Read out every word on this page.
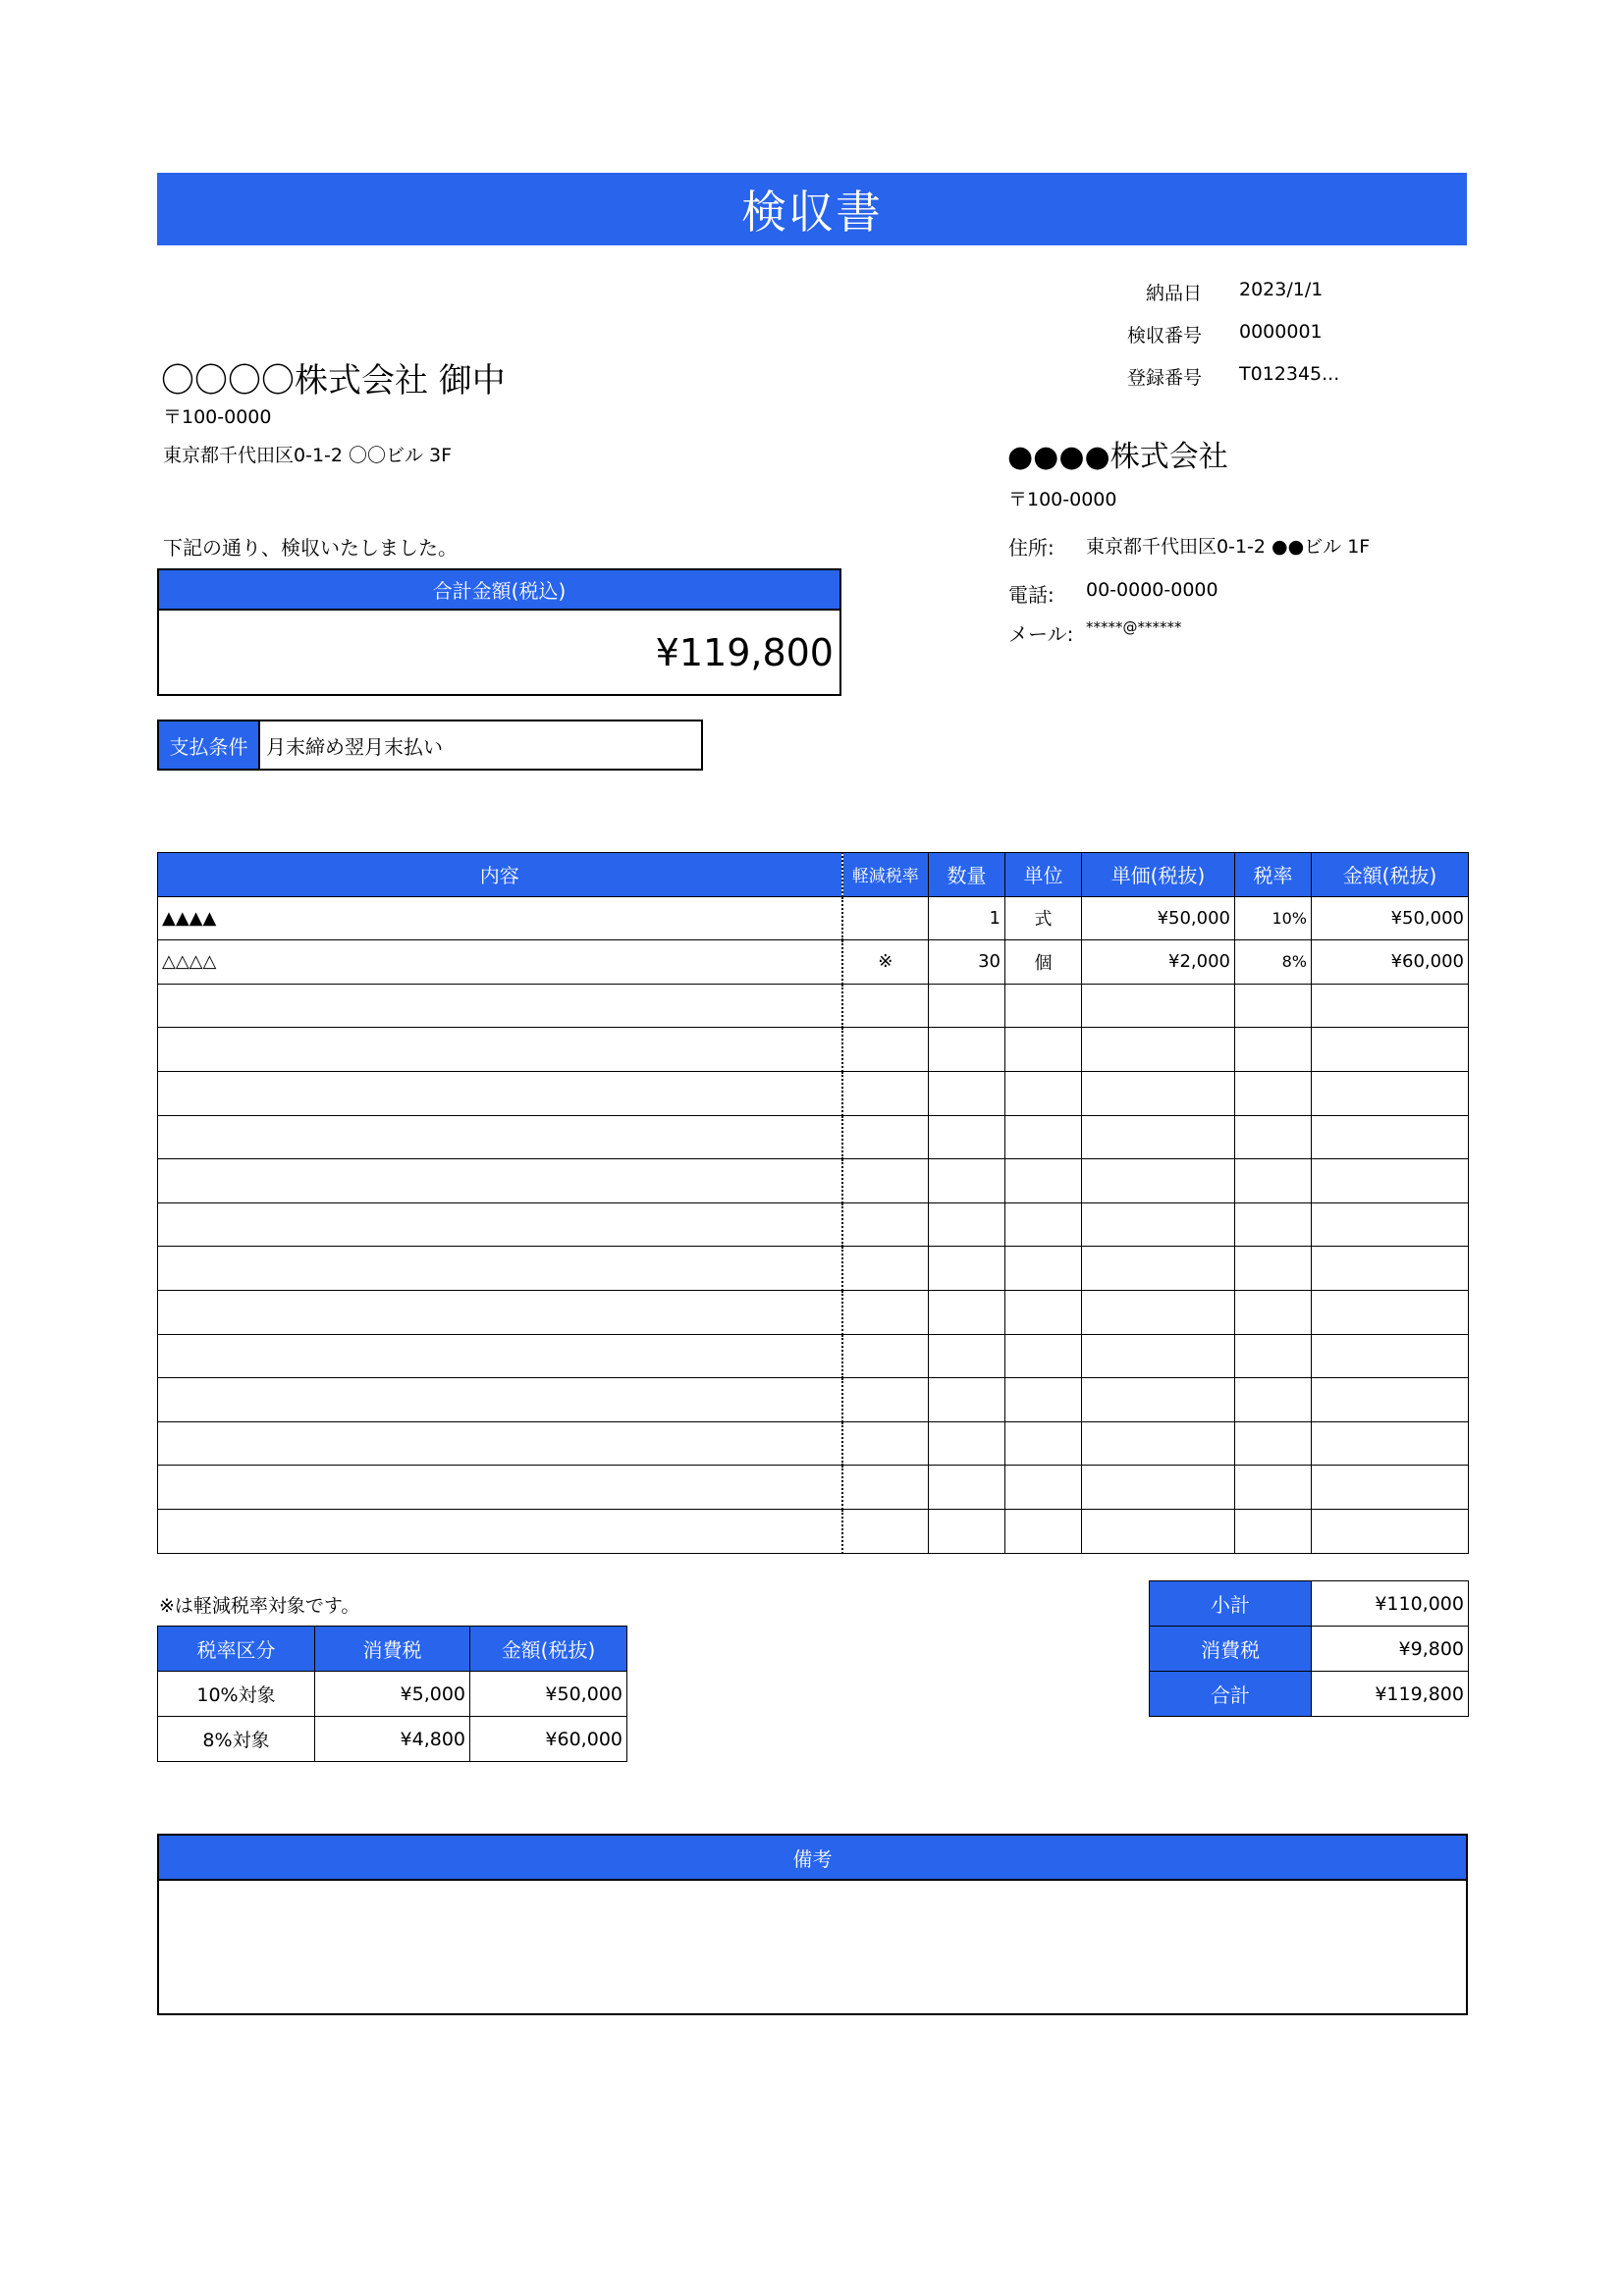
検収書
納品日 2023/1/1
検収番号 0000001
登録番号 T012345...
〇〇〇〇株式会社 御中
〒100-0000
東京都千代田区0-1-2 〇〇ビル 3F
下記の通り、検収いたしました。
●●●●株式会社
〒100-0000
住所: 東京都千代田区0-1-2 ●●ビル 1F
電話: 00-0000-0000
メール: *****@******
合計金額(税込)
¥119,800
支払条件 月末締め翌月末払い
内容	軽減税率	数量	単位	単価(税抜)	税率	金額(税抜)
▲▲▲▲		1	式	¥50,000	10%	¥50,000
△△△△	※	30	個	¥2,000	8%	¥60,000

※は軽減税率対象です。
税率区分	消費税	金額(税抜)
10%対象	¥5,000	¥50,000
8%対象	¥4,800	¥60,000
小計	¥110,000
消費税	¥9,800
合計	¥119,800
備考
